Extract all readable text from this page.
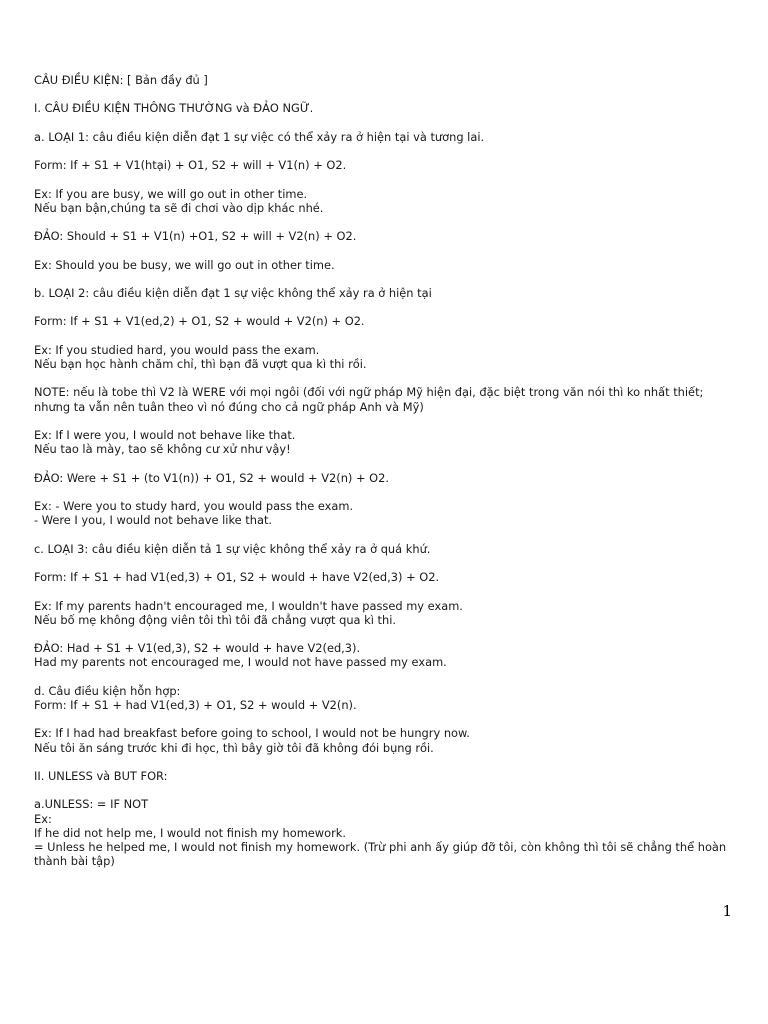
CÂU ĐIỀU KIỆN: [ Bản đầy đủ ]

I. CÂU ĐIỀU KIỆN THÔNG THƯỜNG và ĐẢO NGỮ.

a. LOẠI 1: câu điều kiện diễn đạt 1 sự việc có thể xảy ra ở hiện tại và tương lai.

Form: If + S1 + V1(htại) + O1, S2 + will + V1(n) + O2.

Ex: If you are busy, we will go out in other time.
Nếu bạn bận,chúng ta sẽ đi chơi vào dịp khác nhé.

ĐẢO: Should + S1 + V1(n) +O1, S2 + will + V2(n) + O2.

Ex: Should you be busy, we will go out in other time.

b. LOẠI 2: câu điều kiện diễn đạt 1 sự việc không thể xảy ra ở hiện tại

Form: If + S1 + V1(ed,2) + O1, S2 + would + V2(n) + O2.

Ex: If you studied hard, you would pass the exam.
Nếu bạn học hành chăm chỉ, thì bạn đã vượt qua kì thi rồi.

NOTE: nếu là tobe thì V2 là WERE với mọi ngôi (đối với ngữ pháp Mỹ hiện đại, đặc biệt trong văn nói thì ko nhất thiết;
nhưng ta vẫn nên tuân theo vì nó đúng cho cả ngữ pháp Anh và Mỹ)

Ex: If I were you, I would not behave like that.
Nếu tao là mày, tao sẽ không cư xử như vậy!

ĐẢO: Were + S1 + (to V1(n)) + O1, S2 + would + V2(n) + O2.

Ex: - Were you to study hard, you would pass the exam.
- Were I you, I would not behave like that.

c. LOẠI 3: câu điều kiện diễn tả 1 sự việc không thể xảy ra ở quá khứ.

Form: If + S1 + had V1(ed,3) + O1, S2 + would + have V2(ed,3) + O2.

Ex: If my parents hadn't encouraged me, I wouldn't have passed my exam.
Nếu bố mẹ không động viên tôi thì tôi đã chẳng vượt qua kì thi.

ĐẢO: Had + S1 + V1(ed,3), S2 + would + have V2(ed,3).
Had my parents not encouraged me, I would not have passed my exam.

d. Câu điều kiện hỗn hợp:
Form: If + S1 + had V1(ed,3) + O1, S2 + would + V2(n).

Ex: If I had had breakfast before going to school, I would not be hungry now.
Nếu tôi ăn sáng trước khi đi học, thì bây giờ tôi đã không đói bụng rồi.

II. UNLESS và BUT FOR:

a.UNLESS: = IF NOT
Ex:
If he did not help me, I would not finish my homework.
= Unless he helped me, I would not finish my homework. (Trừ phi anh ấy giúp đỡ tôi, còn không thì tôi sẽ chẳng thể hoàn
thành bài tập)
1
